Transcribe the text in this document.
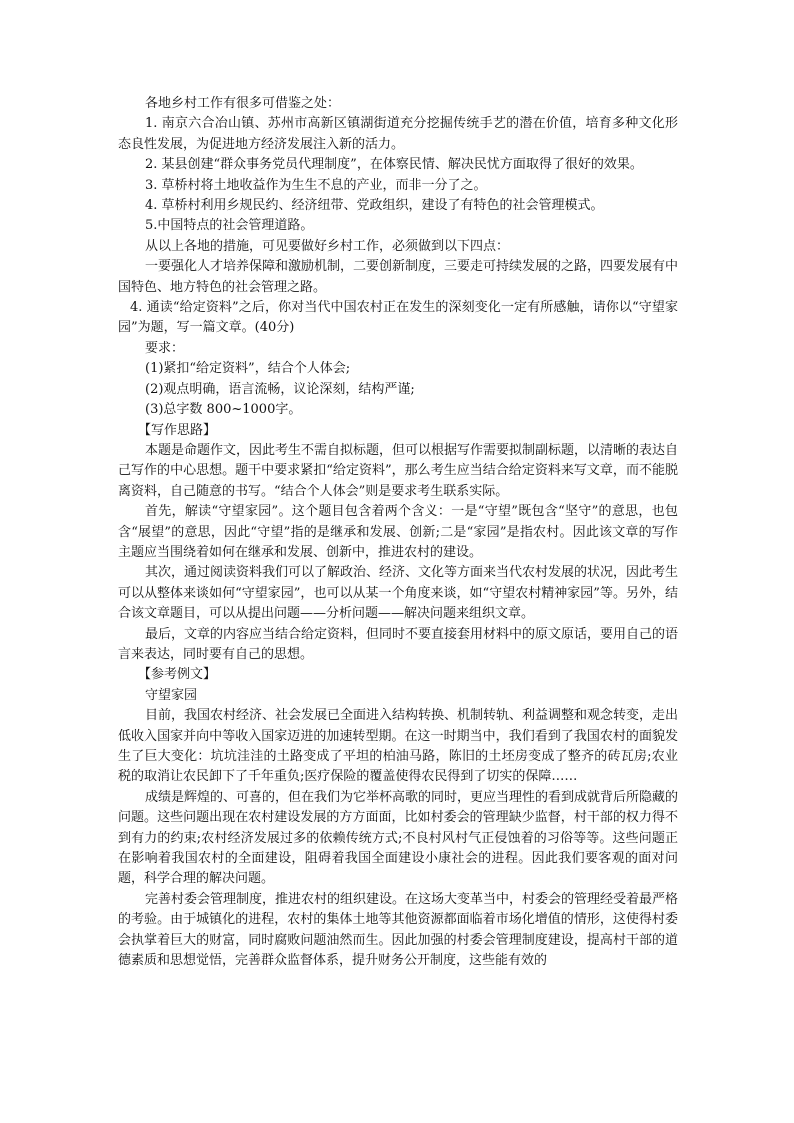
各地乡村工作有很多可借鉴之处：

1. 南京六合冶山镇、苏州市高新区镇湖街道充分挖掘传统手艺的潜在价值，培育多种文化形态良性发展，为促进地方经济发展注入新的活力。

2. 某县创建“群众事务党员代理制度”，在体察民情、解决民忧方面取得了很好的效果。

3. 草桥村将土地收益作为生生不息的产业，而非一分了之。

4. 草桥村利用乡规民约、经济纽带、党政组织，建设了有特色的社会管理模式。

5.中国特点的社会管理道路。

从以上各地的措施，可见要做好乡村工作，必须做到以下四点：

一要强化人才培养保障和激励机制，二要创新制度，三要走可持续发展的之路，四要发展有中国特色、地方特色的社会管理之路。

4. 通读“给定资料”之后，你对当代中国农村正在发生的深刻变化一定有所感触，请你以“守望家园”为题，写一篇文章。(40分)

要求：

(1)紧扣“给定资料”，结合个人体会;

(2)观点明确，语言流畅，议论深刻，结构严谨;

(3)总字数 800~1000字。

【写作思路】

本题是命题作文，因此考生不需自拟标题，但可以根据写作需要拟制副标题，以清晰的表达自己写作的中心思想。题干中要求紧扣“给定资料”，那么考生应当结合给定资料来写文章，而不能脱离资料，自己随意的书写。“结合个人体会”则是要求考生联系实际。

首先，解读“守望家园”。这个题目包含着两个含义：一是“守望”既包含“坚守”的意思，也包含“展望”的意思，因此“守望”指的是继承和发展、创新;二是“家园”是指农村。因此该文章的写作主题应当围绕着如何在继承和发展、创新中，推进农村的建设。

其次，通过阅读资料我们可以了解政治、经济、文化等方面来当代农村发展的状况，因此考生可以从整体来谈如何“守望家园”，也可以从某一个角度来谈，如“守望农村精神家园”等。另外，结合该文章题目，可以从提出问题——分析问题——解决问题来组织文章。

最后，文章的内容应当结合给定资料，但同时不要直接套用材料中的原文原话，要用自己的语言来表达，同时要有自己的思想。

【参考例文】

守望家园

目前，我国农村经济、社会发展已全面进入结构转换、机制转轨、利益调整和观念转变，走出低收入国家并向中等收入国家迈进的加速转型期。在这一时期当中，我们看到了我国农村的面貌发生了巨大变化：坑坑洼洼的土路变成了平坦的柏油马路，陈旧的土坯房变成了整齐的砖瓦房;农业税的取消让农民卸下了千年重负;医疗保险的覆盖使得农民得到了切实的保障……

成绩是辉煌的、可喜的，但在我们为它举杯高歌的同时，更应当理性的看到成就背后所隐藏的问题。这些问题出现在农村建设发展的方方面面，比如村委会的管理缺少监督，村干部的权力得不到有力的约束;农村经济发展过多的依赖传统方式;不良村风村气正侵蚀着的习俗等等。这些问题正在影响着我国农村的全面建设，阻碍着我国全面建设小康社会的进程。因此我们要客观的面对问题，科学合理的解决问题。

完善村委会管理制度，推进农村的组织建设。在这场大变革当中，村委会的管理经受着最严格的考验。由于城镇化的进程，农村的集体土地等其他资源都面临着市场化增值的情形，这使得村委会执掌着巨大的财富，同时腐败问题油然而生。因此加强的村委会管理制度建设，提高村干部的道德素质和思想觉悟，完善群众监督体系，提升财务公开制度，这些能有效的
